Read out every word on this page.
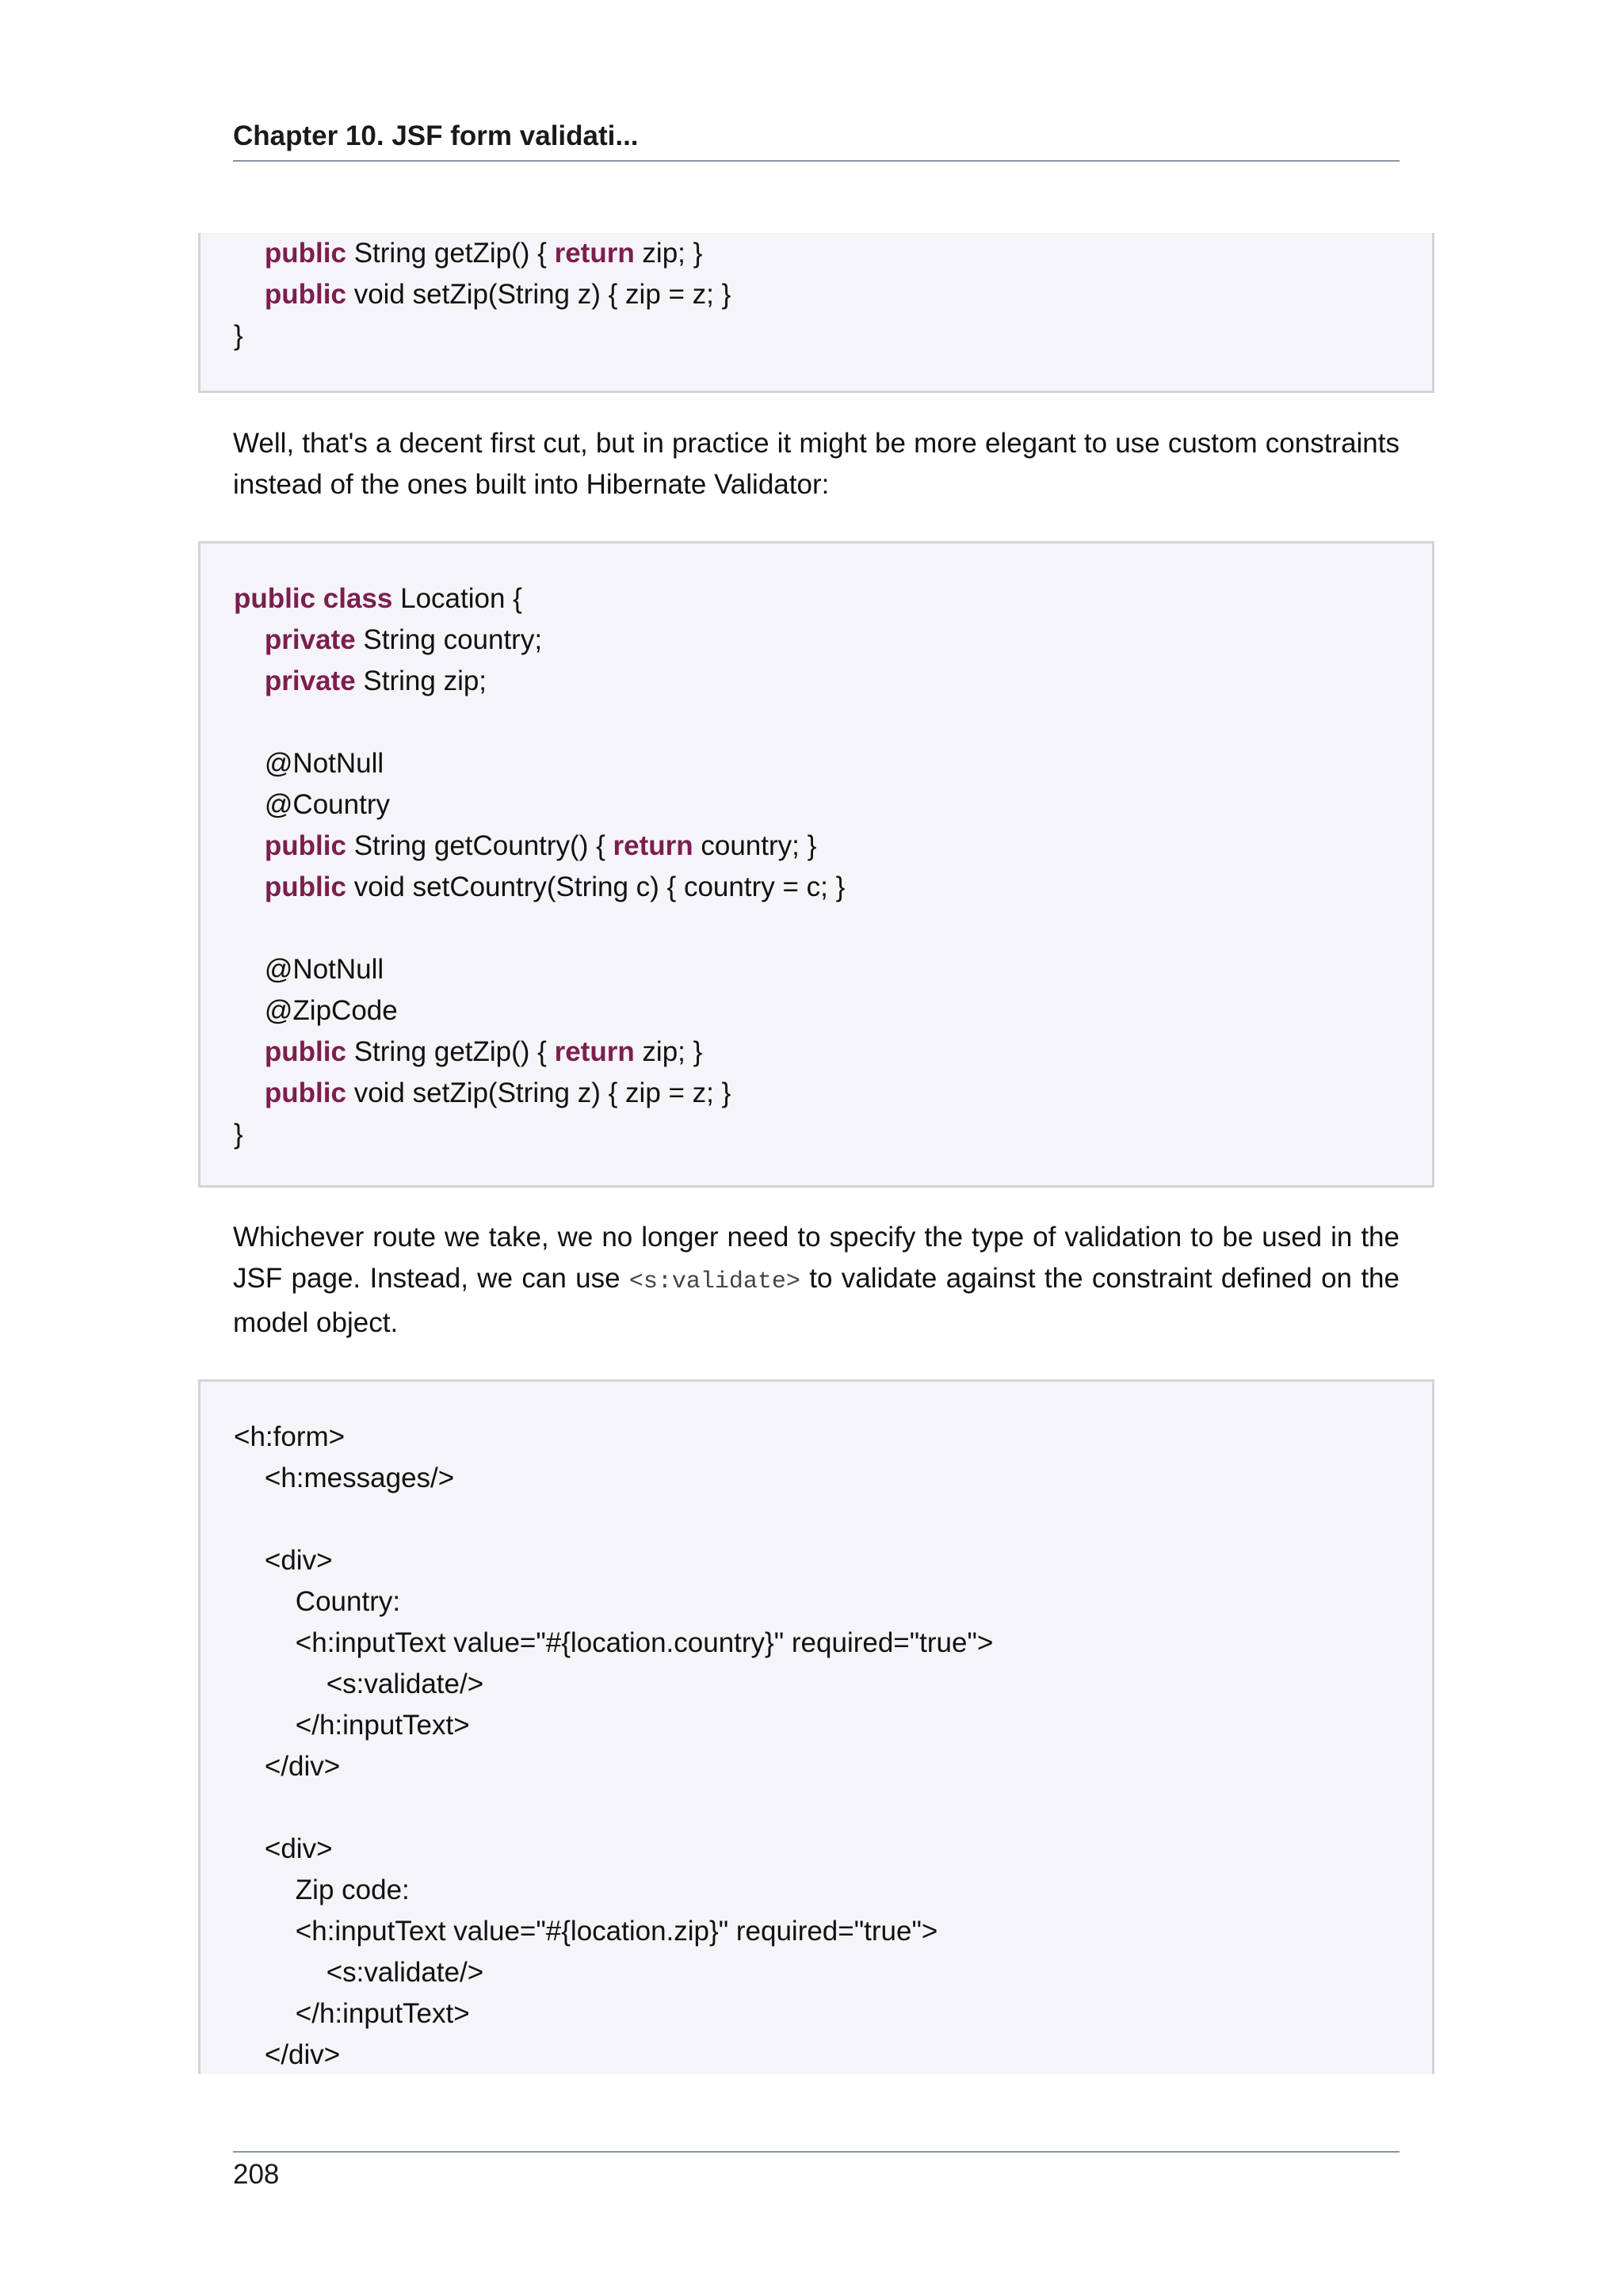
Chapter 10. JSF form validati...
public String getZip() { return zip; }
public void setZip(String z) { zip = z; }
}
Well, that's a decent first cut, but in practice it might be more elegant to use custom constraints instead of the ones built into Hibernate Validator:
public class Location {
private String country;
private String zip;
@NotNull
@Country
public String getCountry() { return country; }
public void setCountry(String c) { country = c; }
@NotNull
@ZipCode
public String getZip() { return zip; }
public void setZip(String z) { zip = z; }
}
Whichever route we take, we no longer need to specify the type of validation to be used in the JSF page. Instead, we can use <s:validate> to validate against the constraint defined on the model object.
<h:form>
<h:messages/>
<div>
Country:
<h:inputText value="#{location.country}" required="true">
<s:validate/>
</h:inputText>
</div>
<div>
Zip code:
<h:inputText value="#{location.zip}" required="true">
<s:validate/>
</h:inputText>
</div>
208
